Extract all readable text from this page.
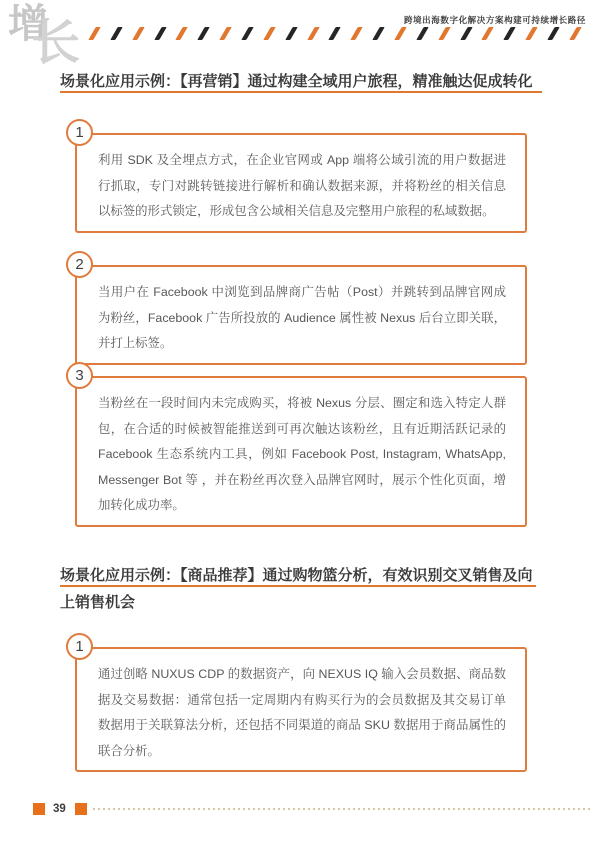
增
长	跨境出海数字化解决方案构建可持续增长路径
场景化应用示例：【再营销】通过构建全域用户旅程，精准触达促成转化
1
利用 SDK 及全埋点方式，在企业官网或 App 端将公域引流的用户数据进行抓取，专门对跳转链接进行解析和确认数据来源，并将粉丝的相关信息以标签的形式锁定，形成包含公域相关信息及完整用户旅程的私域数据。
2
当用户在 Facebook 中浏览到品牌商广告帖（Post）并跳转到品牌官网成为粉丝，Facebook 广告所投放的 Audience 属性被 Nexus 后台立即关联，并打上标签。
3
当粉丝在一段时间内未完成购买，将被 Nexus 分层、圈定和选入特定人群包，在合适的时候被智能推送到可再次触达该粉丝，且有近期活跃记录的 Facebook 生态系统内工具，例如 Facebook Post, Instagram, WhatsApp, Messenger Bot 等 ，并在粉丝再次登入品牌官网时，展示个性化页面，增加转化成功率。
场景化应用示例：【商品推荐】通过购物篮分析，有效识别交叉销售及向上销售机会
1
通过创略 NUXUS CDP 的数据资产，向 NEXUS IQ 输入会员数据、商品数据及交易数据：通常包括一定周期内有购买行为的会员数据及其交易订单数据用于关联算法分析，还包括不同渠道的商品 SKU 数据用于商品属性的联合分析。
39
